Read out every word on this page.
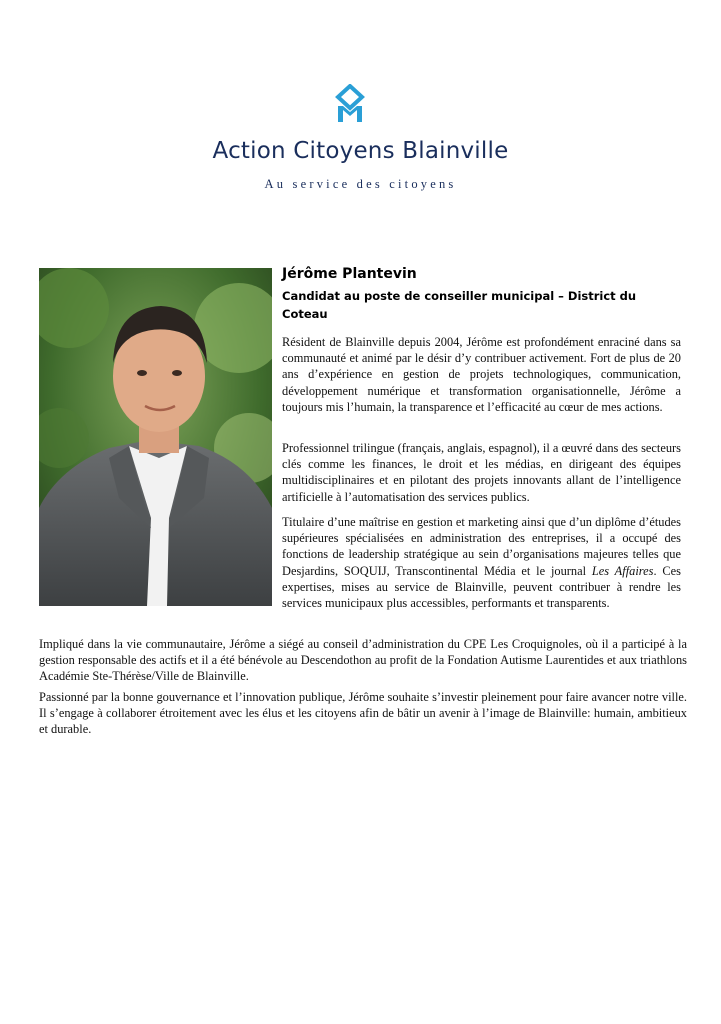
Action Citoyens Blainville
Au service des citoyens
Jérôme Plantevin
Candidat au poste de conseiller municipal – District du Coteau

Résident de Blainville depuis 2004, Jérôme est profondément enraciné dans sa communauté et animé par le désir d’y contribuer activement. Fort de plus de 20 ans d’expérience en gestion de projets technologiques, communication, développement numérique et transformation organisationnelle, Jérôme a toujours mis l’humain, la transparence et l’efficacité au cœur de mes actions.

Professionnel trilingue (français, anglais, espagnol), il a œuvré dans des secteurs clés comme les finances, le droit et les médias, en dirigeant des équipes multidisciplinaires et en pilotant des projets innovants allant de l’intelligence artificielle à l’automatisation des services publics.

Titulaire d’une maîtrise en gestion et marketing ainsi que d’un diplôme d’études supérieures spécialisées en administration des entreprises, il a occupé des fonctions de leadership stratégique au sein d’organisations majeures telles que Desjardins, SOQUIJ, Transcontinental Média et le journal Les Affaires. Ces expertises, mises au service de Blainville, peuvent contribuer à rendre les services municipaux plus accessibles, performants et transparents.

Impliqué dans la vie communautaire, Jérôme a siégé au conseil d’administration du CPE Les Croquignoles, où il a participé à la gestion responsable des actifs et il a été bénévole au Descendothon au profit de la Fondation Autisme Laurentides et aux triathlons Académie Ste-Thérèse/Ville de Blainville.

Passionné par la bonne gouvernance et l’innovation publique, Jérôme souhaite s’investir pleinement pour faire avancer notre ville. Il s’engage à collaborer étroitement avec les élus et les citoyens afin de bâtir un avenir à l’image de Blainville: humain, ambitieux et durable.
